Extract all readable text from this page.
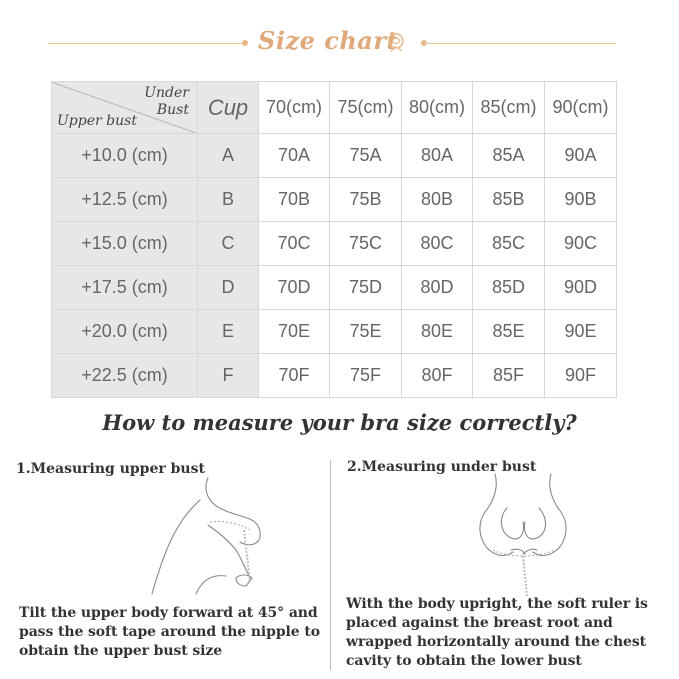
Size chart
Under
Bust
Upper bust	Cup	70(cm)	75(cm)	80(cm)	85(cm)	90(cm)
+10.0 (cm)	A	70A	75A	80A	85A	90A
+12.5 (cm)	B	70B	75B	80B	85B	90B
+15.0 (cm)	C	70C	75C	80C	85C	90C
+17.5 (cm)	D	70D	75D	80D	85D	90D
+20.0 (cm)	E	70E	75E	80E	85E	90E
+22.5 (cm)	F	70F	75F	80F	85F	90F
How to measure your bra size correctly?
1.Measuring upper bust	2.Measuring under bust
Tilt the upper body forward at 45° and
pass the soft tape around the nipple to
obtain the upper bust size
With the body upright, the soft ruler is
placed against the breast root and
wrapped horizontally around the chest
cavity to obtain the lower bust
